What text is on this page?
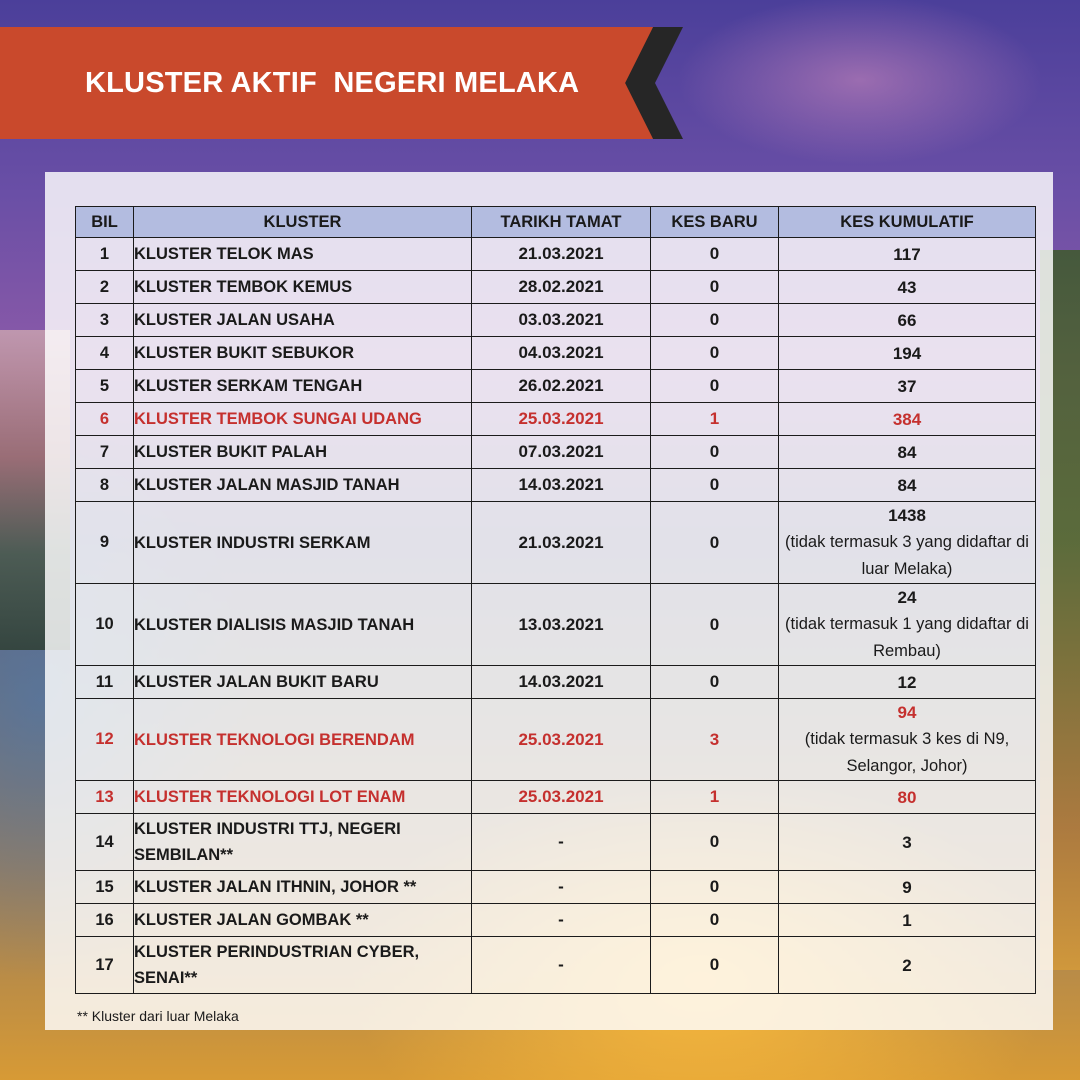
KLUSTER AKTIF  NEGERI MELAKA
BIL	KLUSTER	TARIKH TAMAT	KES BARU	KES KUMULATIF
1	KLUSTER TELOK MAS	21.03.2021	0	117
2	KLUSTER TEMBOK KEMUS	28.02.2021	0	43
3	KLUSTER JALAN USAHA	03.03.2021	0	66
4	KLUSTER BUKIT SEBUKOR	04.03.2021	0	194
5	KLUSTER SERKAM TENGAH	26.02.2021	0	37
6	KLUSTER TEMBOK SUNGAI UDANG	25.03.2021	1	384
7	KLUSTER BUKIT PALAH	07.03.2021	0	84
8	KLUSTER JALAN MASJID TANAH	14.03.2021	0	84
9	KLUSTER INDUSTRI SERKAM	21.03.2021	0	1438
(tidak termasuk 3 yang didaftar di luar Melaka)

10	KLUSTER DIALISIS MASJID TANAH	13.03.2021	0	24
(tidak termasuk 1 yang didaftar di Rembau)

11	KLUSTER JALAN BUKIT BARU	14.03.2021	0	12
12	KLUSTER TEKNOLOGI BERENDAM	25.03.2021	3	94
(tidak termasuk 3 kes di N9, Selangor, Johor)

13	KLUSTER TEKNOLOGI LOT ENAM	25.03.2021	1	80
14	KLUSTER INDUSTRI TTJ, NEGERI SEMBILAN**	-	0	3
15	KLUSTER JALAN ITHNIN, JOHOR **	-	0	9
16	KLUSTER JALAN GOMBAK **	-	0	1
17	KLUSTER PERINDUSTRIAN CYBER, SENAI**	-	0	2
** Kluster dari luar Melaka
